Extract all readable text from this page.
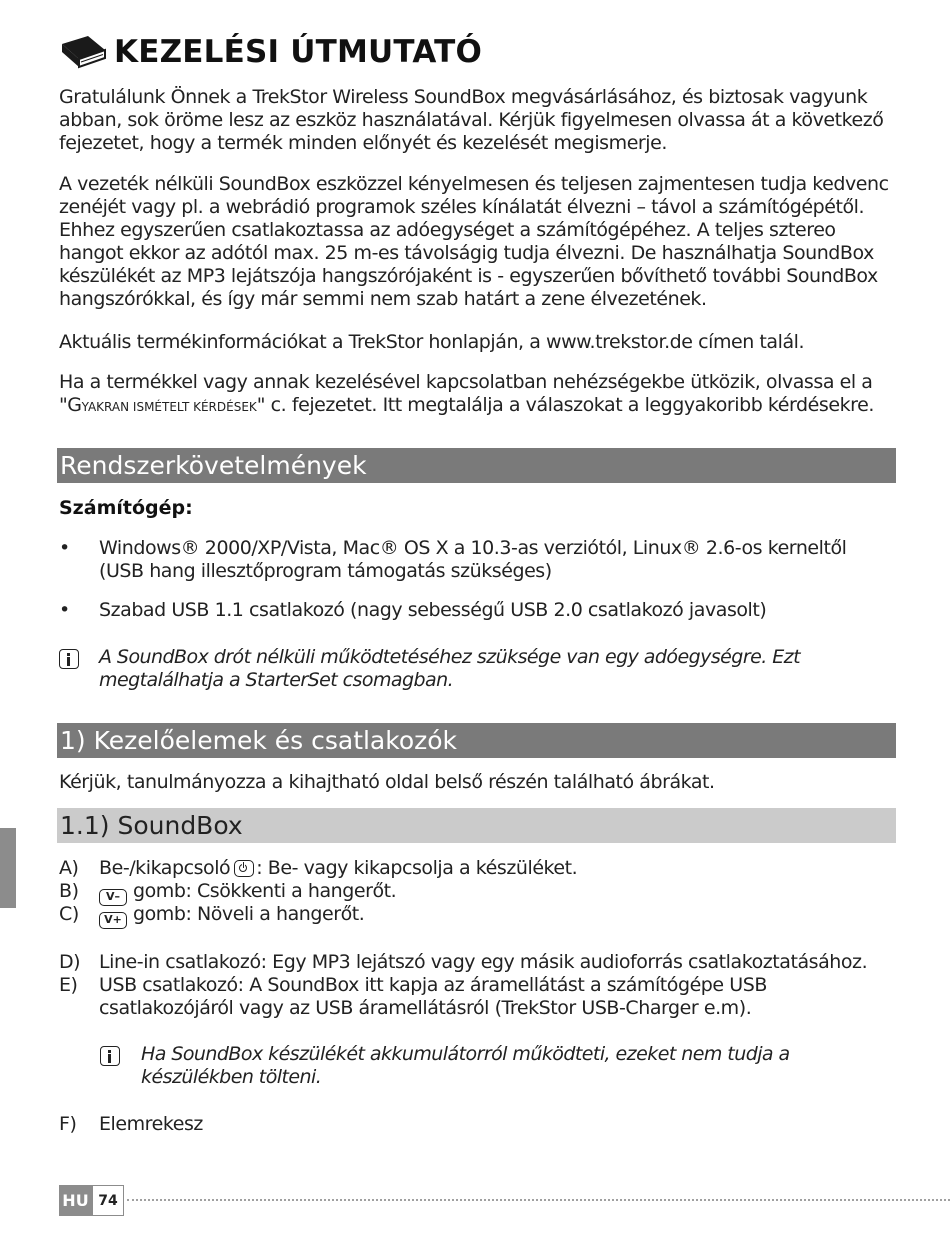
KEZELÉSI ÚTMUTATÓ

Gratulálunk Önnek a TrekStor Wireless SoundBox megvásárlásához, és biztosak vagyunk abban, sok öröme lesz az eszköz használatával. Kérjük figyelmesen olvassa át a következő fejezetet, hogy a termék minden előnyét és kezelését megismerje.

A vezeték nélküli SoundBox eszközzel kényelmesen és teljesen zajmentesen tudja kedvenc zenéjét vagy pl. a webrádió programok széles kínálatát élvezni – távol a számítógépétől. Ehhez egyszerűen csatlakoztassa az adóegységet a számítógépéhez. A teljes sztereo hangot ekkor az adótól max. 25 m-es távolságig tudja élvezni. De használhatja SoundBox készülékét az MP3 lejátszója hangszórójaként is - egyszerűen bővíthető további SoundBox hangszórókkal, és így már semmi nem szab határt a zene élvezetének.

Aktuális termékinformációkat a TrekStor honlapján, a www.trekstor.de címen talál.

Ha a termékkel vagy annak kezelésével kapcsolatban nehézségekbe ütközik, olvassa el a "GYAKRAN ISMÉTELT KÉRDÉSEK" c. fejezetet. Itt megtalálja a válaszokat a leggyakoribb kérdésekre.

Rendszerkövetelmények
Számítógép:
• Windows® 2000/XP/Vista, Mac® OS X a 10.3-as verziótól, Linux® 2.6-os kerneltől (USB hang illesztőprogram támogatás szükséges)
• Szabad USB 1.1 csatlakozó (nagy sebességű USB 2.0 csatlakozó javasolt)
A SoundBox drót nélküli működtetéséhez szüksége van egy adóegységre. Ezt megtalálhatja a StarterSet csomagban.
1) Kezelőelemek és csatlakozók

Kérjük, tanulmányozza a kihajtható oldal belső részén található ábrákat.

1.1) SoundBox
A) Be-/kikapcsoló : Be- vagy kikapcsolja a készüléket.
B)	V– gomb: Csökkenti a hangerőt.
C)	V+ gomb: Növeli a hangerőt.
D) Line-in csatlakozó: Egy MP3 lejátszó vagy egy másik audioforrás csatlakoztatásához.
E) USB csatlakozó: A SoundBox itt kapja az áramellátást a számítógépe USB csatlakozójáról vagy az USB áramellátásról (TrekStor USB-Charger e.m).
Ha SoundBox készülékét akkumulátorról működteti, ezeket nem tudja a készülékben tölteni.
F) Elemrekesz
HU 74
